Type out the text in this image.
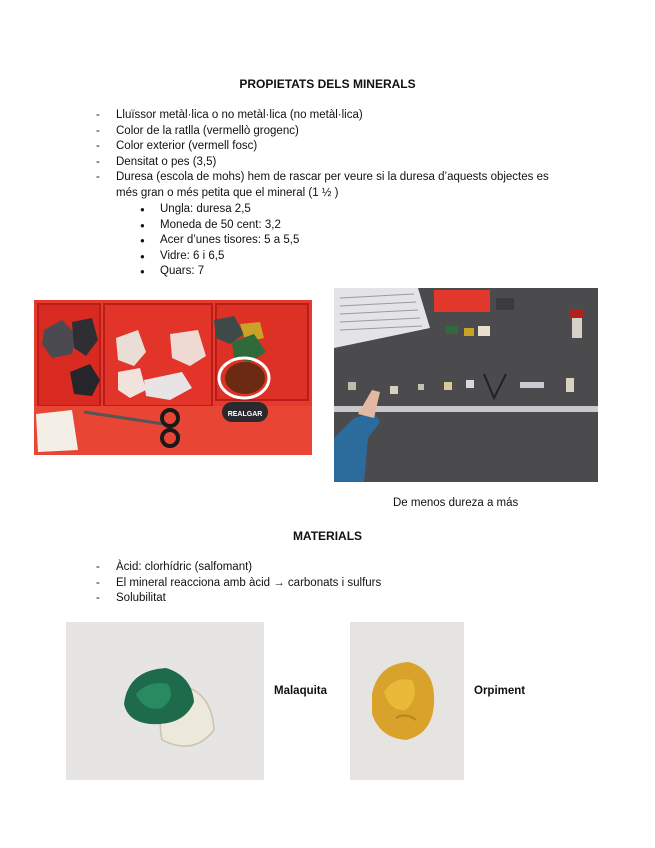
PROPIETATS DELS MINERALS
- Lluïssor metàl·lica o no metàl·lica (no metàl·lica)
- Color de la ratlla (vermellò grogenc)
- Color exterior (vermell fosc)
- Densitat o pes (3,5)
- Duresa (escola de mohs) hem de rascar per veure si la duresa d’aquests objectes es més gran o més petita que el mineral (1 ½ )
● Ungla: duresa 2,5
● Moneda de 50 cent: 3,2
● Acer d’unes tisores: 5 a 5,5
● Vidre: 6 i 6,5
● Quars: 7
REALGAR
De menos dureza a más
MATERIALS
- Àcid: clorhídric (salfomant)
- El mineral reacciona amb àcid → carbonats i sulfurs
- Solubilitat
Malaquita	Orpiment
